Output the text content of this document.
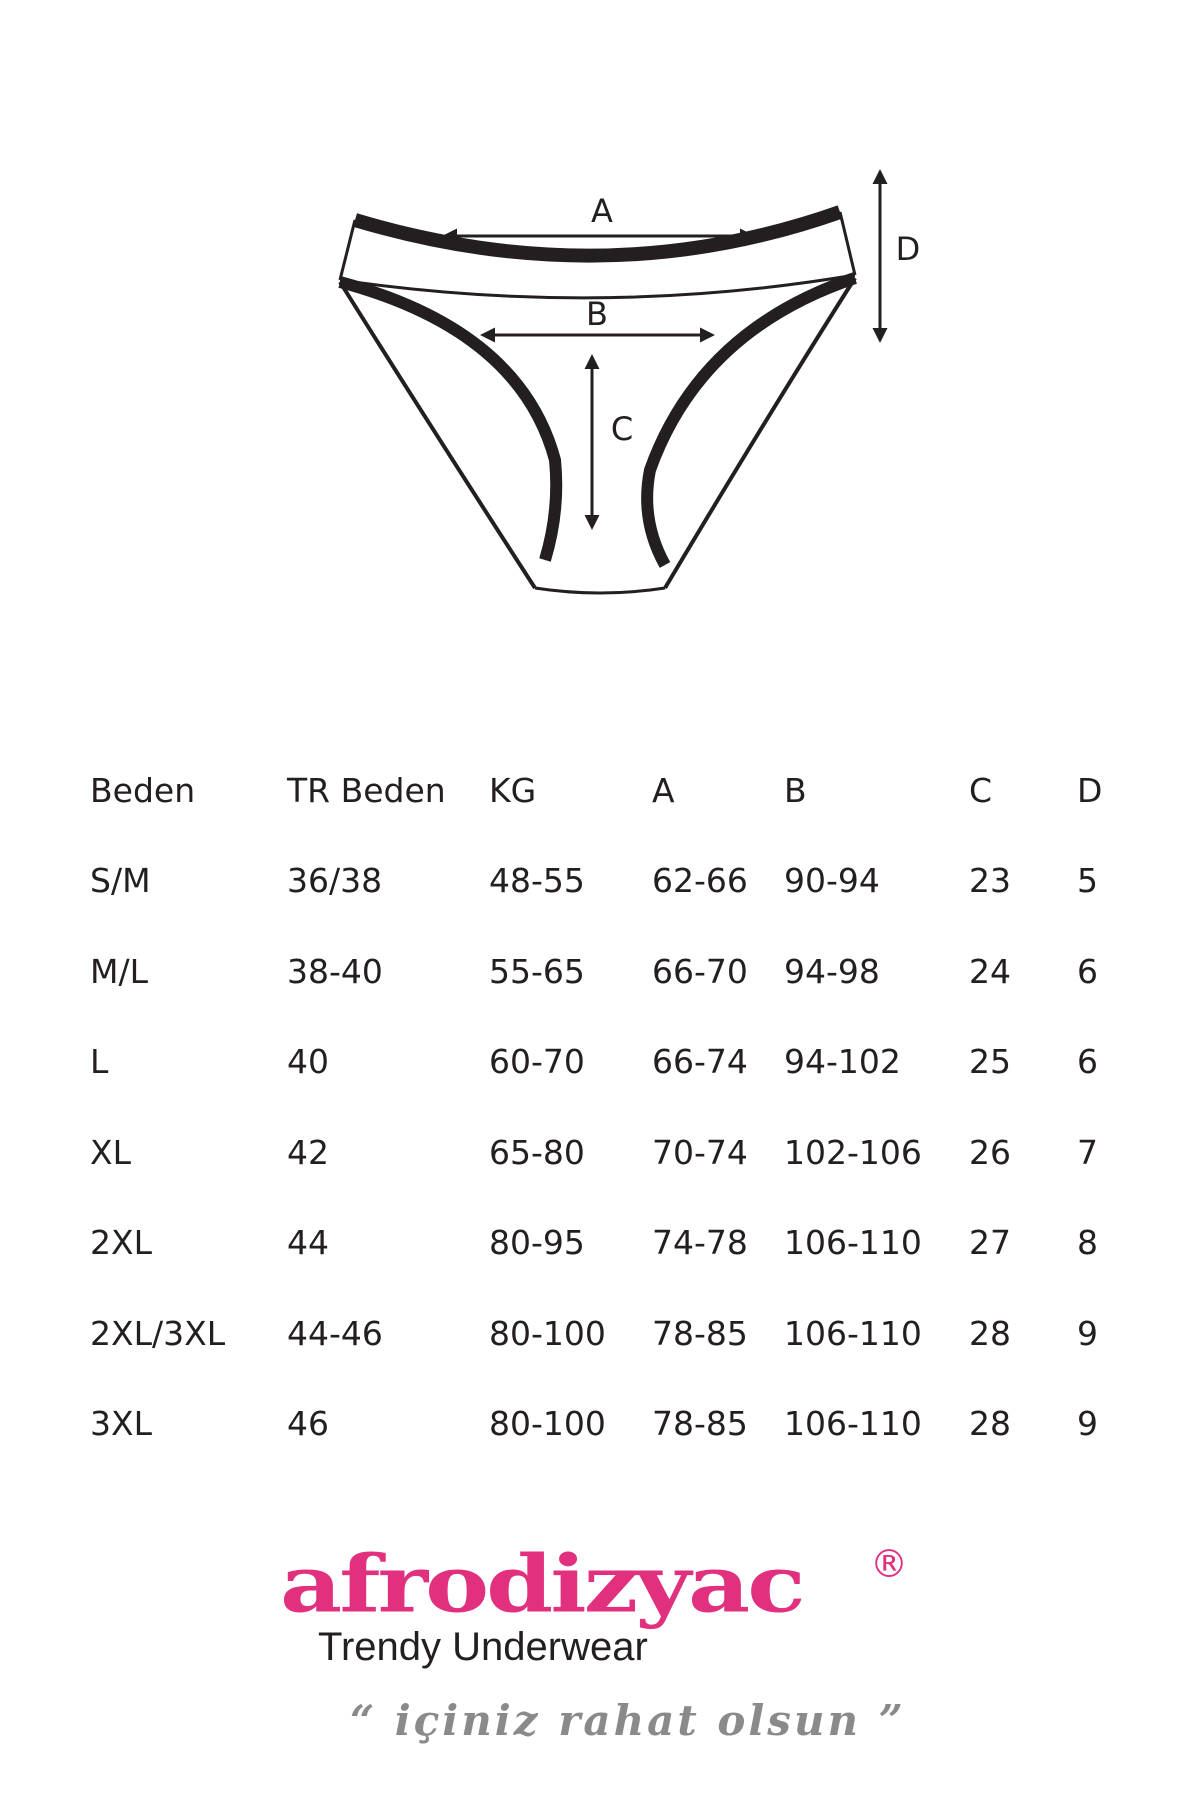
A
B
C
D
Beden	TR Beden	KG	A	B	C	D
S/M	36/38	48-55	62-66	90-94	23	5
M/L	38-40	55-65	66-70	94-98	24	6
L	40	60-70	66-74	94-102	25	6
XL	42	65-80	70-74	102-106	26	7
2XL	44	80-95	74-78	106-110	27	8
2XL/3XL	44-46	80-100	78-85	106-110	28	9
3XL	46	80-100	78-85	106-110	28	9
afrodizyac ®
Trendy Underwear
“ içiniz rahat olsun ”
